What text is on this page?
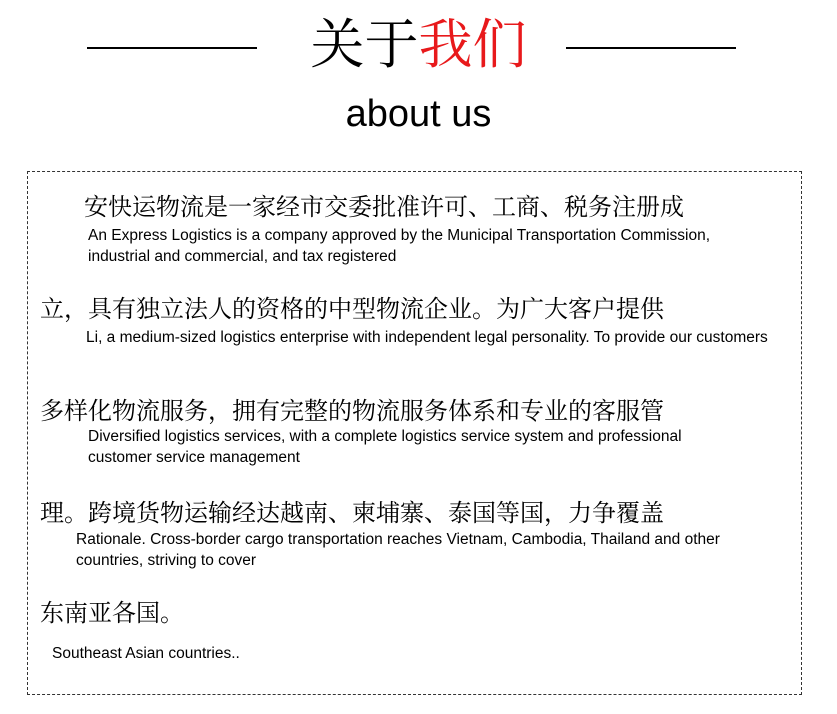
关于我们
about us
安快运物流是一家经市交委批准许可、工商、税务注册成
An Express Logistics is a company approved by the Municipal Transportation Commission, industrial and commercial, and tax registered
立，具有独立法人的资格的中型物流企业。为广大客户提供
Li, a medium-sized logistics enterprise with independent legal personality. To provide our customers
多样化物流服务，拥有完整的物流服务体系和专业的客服管
Diversified logistics services, with a complete logistics service system and professional customer service management
理。跨境货物运输经达越南、柬埔寨、泰国等国，力争覆盖
Rationale. Cross-border cargo transportation reaches Vietnam, Cambodia, Thailand and other countries, striving to cover
东南亚各国。
Southeast Asian countries..
